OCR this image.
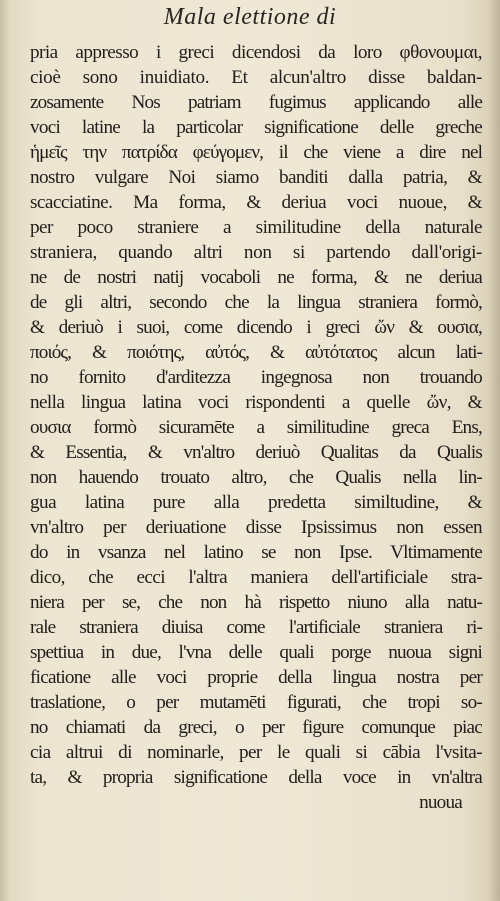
Mala elettione di
pria appresso i greci dicendosi da loro φθονουμαι,
cioè sono inuidiato. Et alcun'altro disse baldan-
zosamente Nos patriam fugimus applicando alle
voci latine la particolar significatione delle greche
ἡμεῖς την πατρίδα φεύγομεν, il che viene a dire nel
nostro vulgare Noi siamo banditi dalla patria, &
scacciatine. Ma forma, & deriua voci nuoue, &
per poco straniere a similitudine della naturale
straniera, quando altri non si partendo dall'origi-
ne de nostri natij vocaboli ne forma, & ne deriua
de gli altri, secondo che la lingua straniera formò,
& deriuò i suoi, come dicendo i greci ὤν & ουσια,
ποιός, & ποιότης, αὐτός, & αὐτότατος alcun lati-
no fornito d'arditezza ingegnosa non trouando
nella lingua latina voci rispondenti a quelle ὤν, &
ουσια formò sicuramēte a similitudine greca Ens,
& Essentia, & vn'altro deriuò Qualitas da Qualis
non hauendo trouato altro, che Qualis nella lin-
gua latina pure alla predetta similtudine, &
vn'altro per deriuatione disse Ipsissimus non essen
do in vsanza nel latino se non Ipse. Vltimamente
dico, che ecci l'altra maniera dell'artificiale stra-
niera per se, che non hà rispetto niuno alla natu-
rale straniera diuisa come l'artificiale straniera ri-
spettiua in due, l'vna delle quali porge nuoua signi
ficatione alle voci proprie della lingua nostra per
traslatione, o per mutamēti figurati, che tropi so-
no chiamati da greci, o per figure comunque piac
cia altrui di nominarle, per le quali si cābia l'vsita-
ta, & propria significatione della voce in vn'altra
nuoua
